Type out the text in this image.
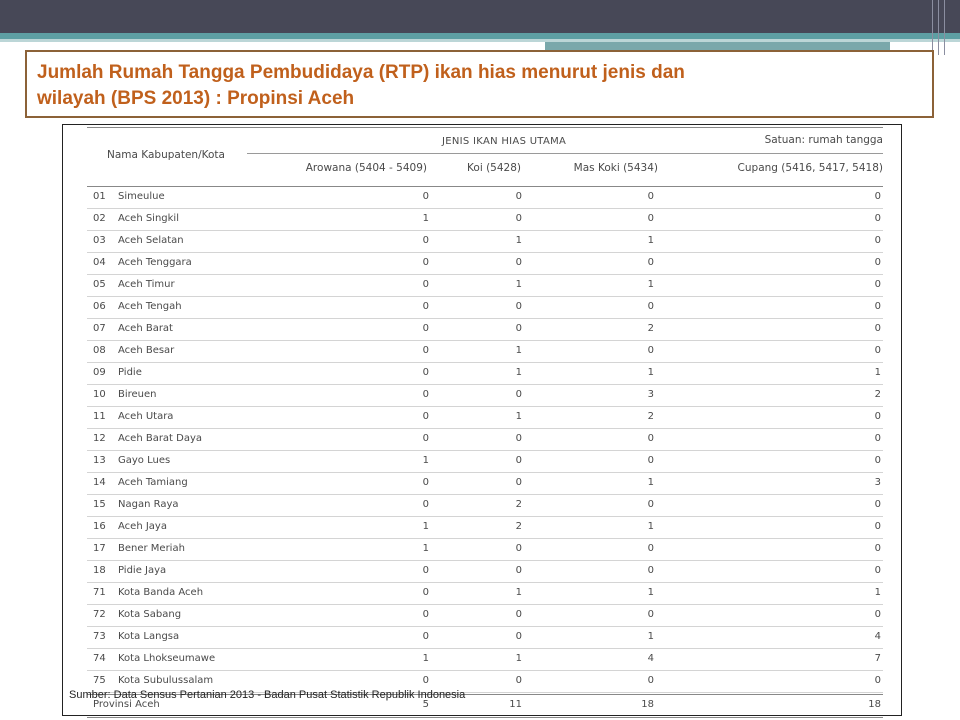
Jumlah Rumah Tangga Pembudidaya (RTP) ikan hias menurut jenis dan
wilayah (BPS 2013) : Propinsi Aceh

Nama Kabupaten/Kota
JENIS IKAN HIAS UTAMA	Satuan: rumah tangga
Arowana (5404 - 5409)	Koi (5428)	Mas Koki (5434)	Cupang (5416, 5417, 5418)
01 Simeulue	0	0	0	0
02 Aceh Singkil	1	0	0	0
03 Aceh Selatan	0	1	1	0
04 Aceh Tenggara	0	0	0	0
05 Aceh Timur	0	1	1	0
06 Aceh Tengah	0	0	0	0
07 Aceh Barat	0	0	2	0
08 Aceh Besar	0	1	0	0
09 Pidie	0	1	1	1
10 Bireuen	0	0	3	2
11 Aceh Utara	0	1	2	0
12 Aceh Barat Daya	0	0	0	0
13 Gayo Lues	1	0	0	0
14 Aceh Tamiang	0	0	1	3
15 Nagan Raya	0	2	0	0
16 Aceh Jaya	1	2	1	0
17 Bener Meriah	1	0	0	0
18 Pidie Jaya	0	0	0	0
71 Kota Banda Aceh	0	1	1	1
72 Kota Sabang	0	0	0	0
73 Kota Langsa	0	0	1	4
74 Kota Lhokseumawe	1	1	4	7
75 Kota Subulussalam	0	0	0	0
Provinsi Aceh	5	11	18	18
Sumber: Data Sensus Pertanian 2013 - Badan Pusat Statistik Republik Indonesia
